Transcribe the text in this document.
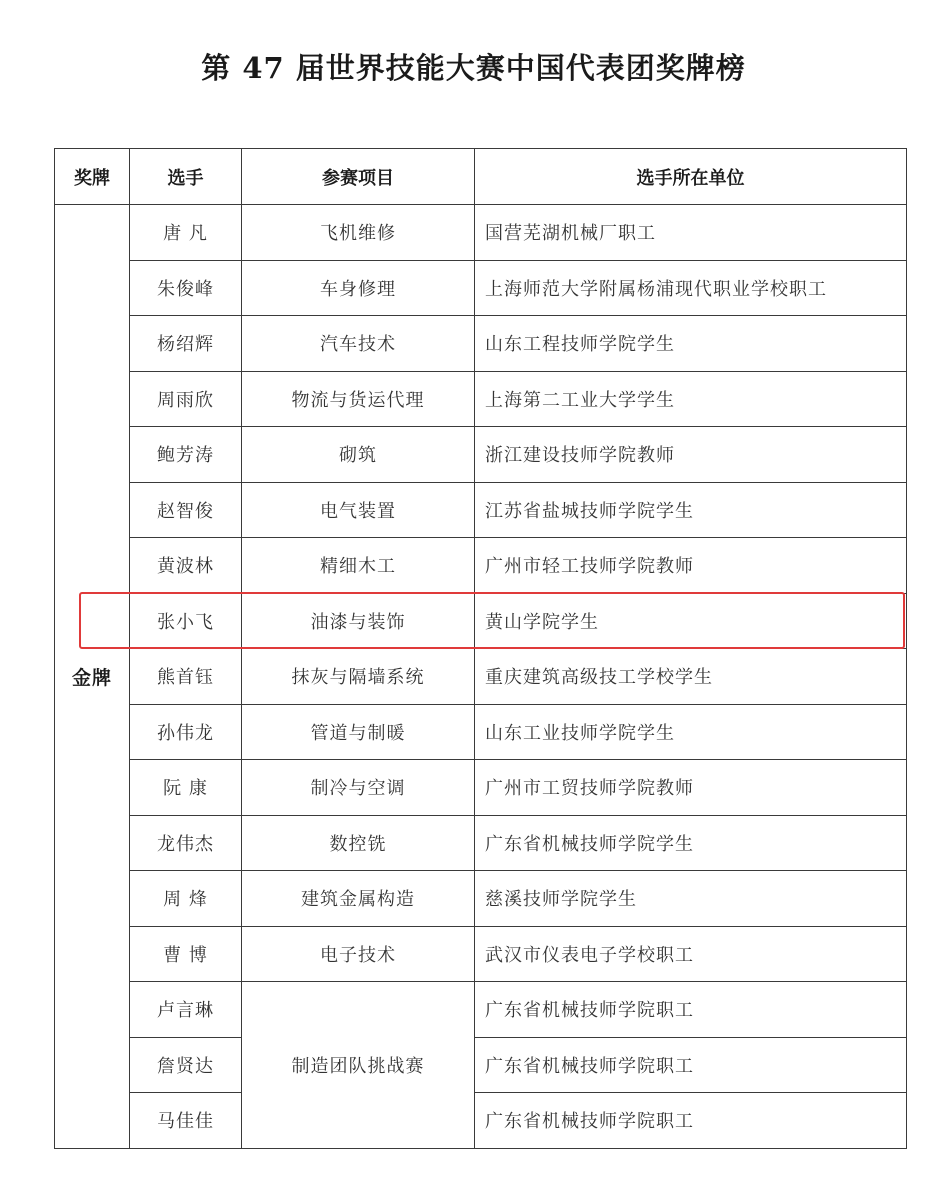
第 47 届世界技能大赛中国代表团奖牌榜
奖牌	选手	参赛项目	选手所在单位
金牌	唐 凡	飞机维修	国营芜湖机械厂职工
	朱俊峰	车身修理	上海师范大学附属杨浦现代职业学校职工
	杨绍辉	汽车技术	山东工程技师学院学生
	周雨欣	物流与货运代理	上海第二工业大学学生
	鲍芳涛	砌筑	浙江建设技师学院教师
	赵智俊	电气装置	江苏省盐城技师学院学生
	黄波林	精细木工	广州市轻工技师学院教师
	张小飞	油漆与装饰	黄山学院学生
	熊首钰	抹灰与隔墙系统	重庆建筑高级技工学校学生
	孙伟龙	管道与制暖	山东工业技师学院学生
	阮 康	制冷与空调	广州市工贸技师学院教师
	龙伟杰	数控铣	广东省机械技师学院学生
	周 烽	建筑金属构造	慈溪技师学院学生
	曹 博	电子技术	武汉市仪表电子学校职工
	卢言琳	制造团队挑战赛	广东省机械技师学院职工
	詹贤达		广东省机械技师学院职工
	马佳佳		广东省机械技师学院职工
